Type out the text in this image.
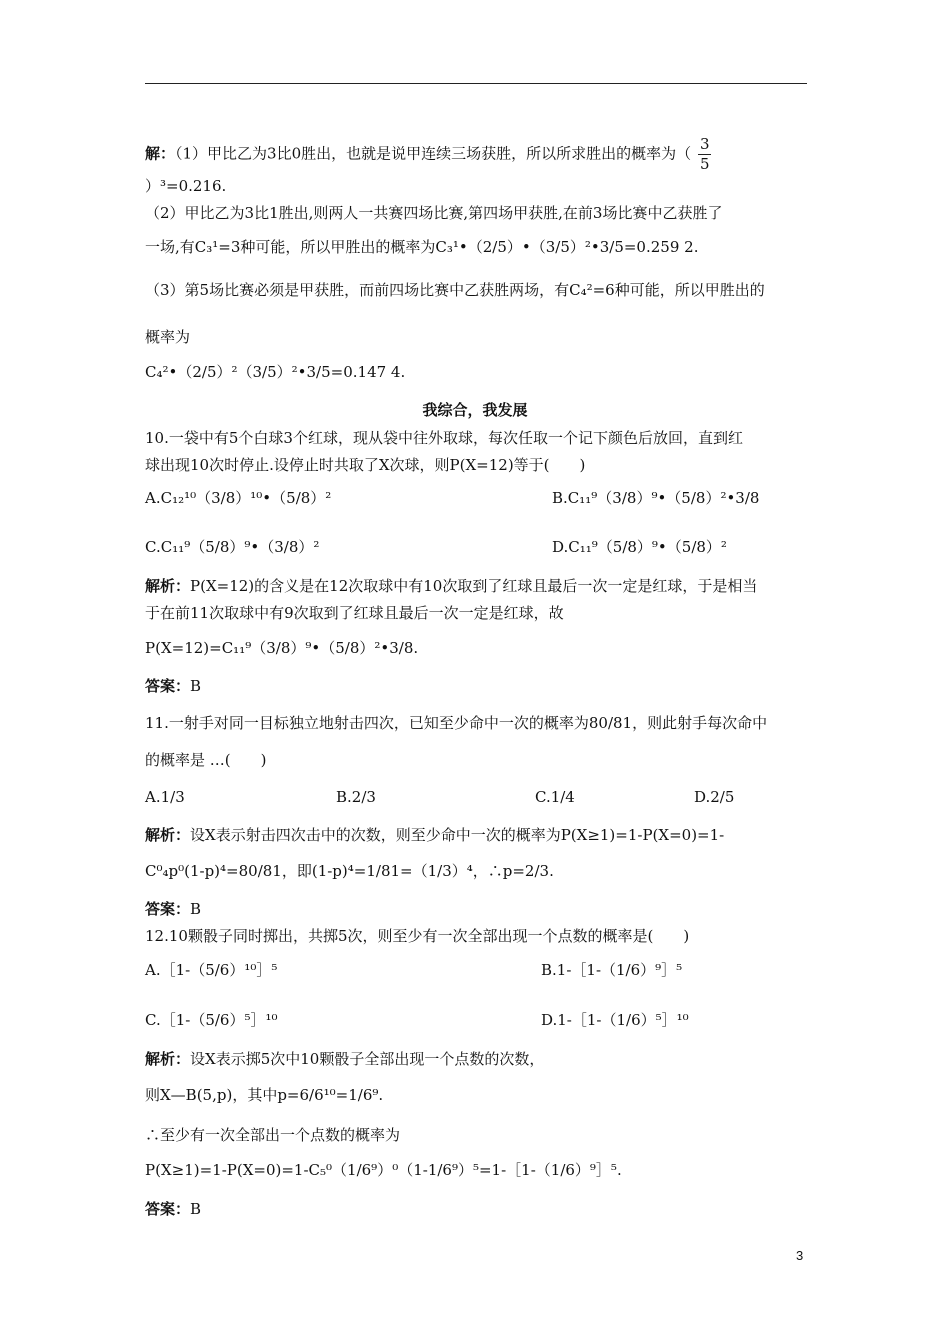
解：（1）甲比乙为3比0胜出，也就是说甲连续三场获胜，所以所求胜出的概率为（ $\frac{3}{5}$
）³=0.216.
（2）甲比乙为3比1胜出,则两人一共赛四场比赛,第四场甲获胜,在前3场比赛中乙获胜了
一场,有C₃¹=3种可能，所以甲胜出的概率为C₃¹•（2/5）•（3/5）²•3/5=0.259 2.
（3）第5场比赛必须是甲获胜，而前四场比赛中乙获胜两场，有C₄²=6种可能，所以甲胜出的
概率为
C₄²•（2/5）²（3/5）²•3/5=0.147 4.
我综合，我发展
10.一袋中有5个白球3个红球，现从袋中往外取球，每次任取一个记下颜色后放回，直到红
球出现10次时停止.设停止时共取了X次球，则P(X=12)等于(　　)
A.C₁₂¹⁰（3/8）¹⁰•（5/8）²	B.C₁₁⁹（3/8）⁹•（5/8）²•3/8
C.C₁₁⁹（5/8）⁹•（3/8）²	D.C₁₁⁹（5/8）⁹•（5/8）²
解析：P(X=12)的含义是在12次取球中有10次取到了红球且最后一次一定是红球，于是相当
于在前11次取球中有9次取到了红球且最后一次一定是红球，故
P(X=12)=C₁₁⁹（3/8）⁹•（5/8）²•3/8.
答案：B
11.一射手对同一目标独立地射击四次，已知至少命中一次的概率为80/81，则此射手每次命中
的概率是 …(　　)
A.1/3	B.2/3	C.1/4	D.2/5
解析：设X表示射击四次击中的次数，则至少命中一次的概率为P(X≥1)=1-P(X=0)=1-
C⁰₄p⁰(1-p)⁴=80/81，即(1-p)⁴=1/81=（1/3）⁴，∴p=2/3.
答案：B
12.10颗骰子同时掷出，共掷5次，则至少有一次全部出现一个点数的概率是(　　)
A.［1-（5/6）¹⁰］⁵	B.1-［1-（1/6）⁹］⁵
C.［1-（5/6）⁵］¹⁰	D.1-［1-（1/6）⁵］¹⁰
解析：设X表示掷5次中10颗骰子全部出现一个点数的次数，
则X—B(5,p)，其中p=6/6¹⁰=1/6⁹.
∴至少有一次全部出一个点数的概率为
P(X≥1)=1-P(X=0)=1-C₅⁰（1/6⁹）⁰（1-1/6⁹）⁵=1-［1-（1/6）⁹］⁵.
答案：B
3
